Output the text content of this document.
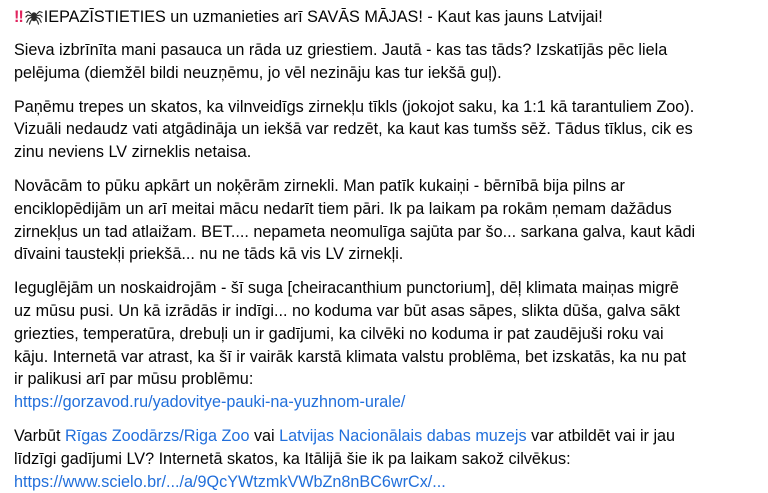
‼ IEPAZĪSTIETIES un uzmanieties arī SAVĀS MĀJAS! - Kaut kas jauns Latvijai!

Sieva izbrīnīta mani pasauca un rāda uz griestiem. Jautā - kas tas tāds? Izskatījās pēc liela
pelējuma (diemžēl bildi neuzņēmu, jo vēl nezināju kas tur iekšā guļ).

Paņēmu trepes un skatos, ka vilnveidīgs zirnekļu tīkls (jokojot saku, ka 1:1 kā tarantuliem Zoo).
Vizuāli nedaudz vati atgādināja un iekšā var redzēt, ka kaut kas tumšs sēž. Tādus tīklus, cik es
zinu neviens LV zirneklis netaisa.

Novācām to pūku apkārt un noķērām zirnekli. Man patīk kukaiņi - bērnībā bija pilns ar
enciklopēdijām un arī meitai mācu nedarīt tiem pāri. Ik pa laikam pa rokām ņemam dažādus
zirnekļus un tad atlaižam. BET.... nepameta neomulīga sajūta par šo... sarkana galva, kaut kādi
dīvaini taustekļi priekšā... nu ne tāds kā vis LV zirnekļi.

Ieguglējām un noskaidrojām - šī suga [cheiracanthium punctorium], dēļ klimata maiņas migrē
uz mūsu pusi. Un kā izrādās ir indīgi... no koduma var būt asas sāpes, slikta dūša, galva sākt
griezties, temperatūra, drebuļi un ir gadījumi, ka cilvēki no koduma ir pat zaudējuši roku vai
kāju. Internetā var atrast, ka šī ir vairāk karstā klimata valstu problēma, bet izskatās, ka nu pat
ir palikusi arī par mūsu problēmu:
https://gorzavod.ru/yadovitye-pauki-na-yuzhnom-urale/

Varbūt Rīgas Zoodārzs/Riga Zoo vai Latvijas Nacionālais dabas muzejs var atbildēt vai ir jau
līdzīgi gadījumi LV? Internetā skatos, ka Itālijā šie ik pa laikam sakož cilvēkus:
https://www.scielo.br/.../a/9QcYWtzmkVWbZn8nBC6wrCx/...
